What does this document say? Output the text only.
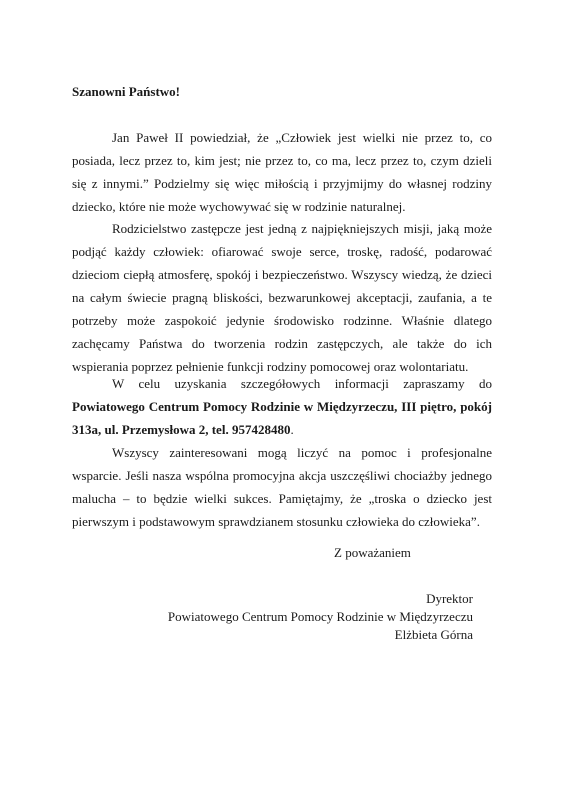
Szanowni Państwo!

Jan Paweł II powiedział, że „Człowiek jest wielki nie przez to, co posiada, lecz przez to, kim jest; nie przez to, co ma, lecz przez to, czym dzieli się z innymi.” Podzielmy się więc miłością i przyjmijmy do własnej rodziny dziecko, które nie może wychowywać się w rodzinie naturalnej.

Rodzicielstwo zastępcze jest jedną z najpiękniejszych misji, jaką może podjąć każdy człowiek: ofiarować swoje serce, troskę, radość, podarować dzieciom ciepłą atmosferę, spokój i bezpieczeństwo. Wszyscy wiedzą, że dzieci na całym świecie pragną bliskości, bezwarunkowej akceptacji, zaufania, a te potrzeby może zaspokoić jedynie środowisko rodzinne. Właśnie dlatego zachęcamy Państwa do tworzenia rodzin zastępczych, ale także do ich wspierania poprzez pełnienie funkcji rodziny pomocowej oraz wolontariatu.

W celu uzyskania szczegółowych informacji zapraszamy do Powiatowego Centrum Pomocy Rodzinie w Międzyrzeczu, III piętro, pokój 313a, ul. Przemysłowa 2, tel. 957428480.

Wszyscy zainteresowani mogą liczyć na pomoc i profesjonalne wsparcie. Jeśli nasza wspólna promocyjna akcja uszczęśliwi chociażby jednego malucha – to będzie wielki sukces. Pamiętajmy, że „troska o dziecko jest pierwszym i podstawowym sprawdzianem stosunku człowieka do człowieka”.

Z poważaniem
Dyrektor
Powiatowego Centrum Pomocy Rodzinie w Międzyrzeczu
Elżbieta Górna
